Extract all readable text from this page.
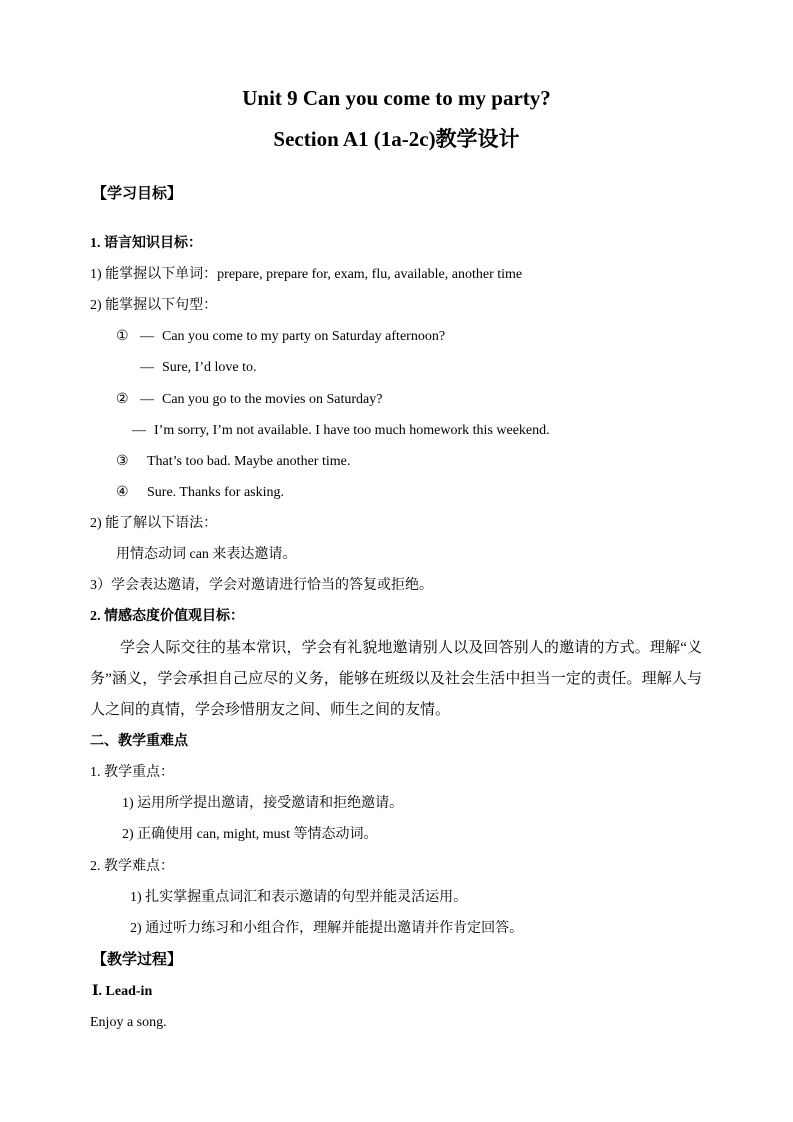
Unit 9 Can you come to my party?
Section A1 (1a-2c)教学设计
【学习目标】
1. 语言知识目标：
1) 能掌握以下单词：prepare, prepare for, exam, flu, available, another time
2) 能掌握以下句型：
① — Can you come to my party on Saturday afternoon?
— Sure, I’d love to.
② — Can you go to the movies on Saturday?
— I’m sorry, I’m not available. I have too much homework this weekend.
③ That’s too bad. Maybe another time.
④ Sure. Thanks for asking.
2) 能了解以下语法：
用情态动词 can 来表达邀请。
3）学会表达邀请，学会对邀请进行恰当的答复或拒绝。
2. 情感态度价值观目标：
学会人际交往的基本常识，学会有礼貌地邀请别人以及回答别人的邀请的方式。理解“义务”涵义，学会承担自己应尽的义务，能够在班级以及社会生活中担当一定的责任。理解人与人之间的真情，学会珍惜朋友之间、师生之间的友情。
二、教学重难点
1. 教学重点：
1) 运用所学提出邀请，接受邀请和拒绝邀请。
2) 正确使用 can, might, must 等情态动词。
2. 教学难点：
1) 扎实掌握重点词汇和表示邀请的句型并能灵活运用。
2) 通过听力练习和小组合作，理解并能提出邀请并作肯定回答。
【教学过程】
Ⅰ. Lead-in
Enjoy a song.
